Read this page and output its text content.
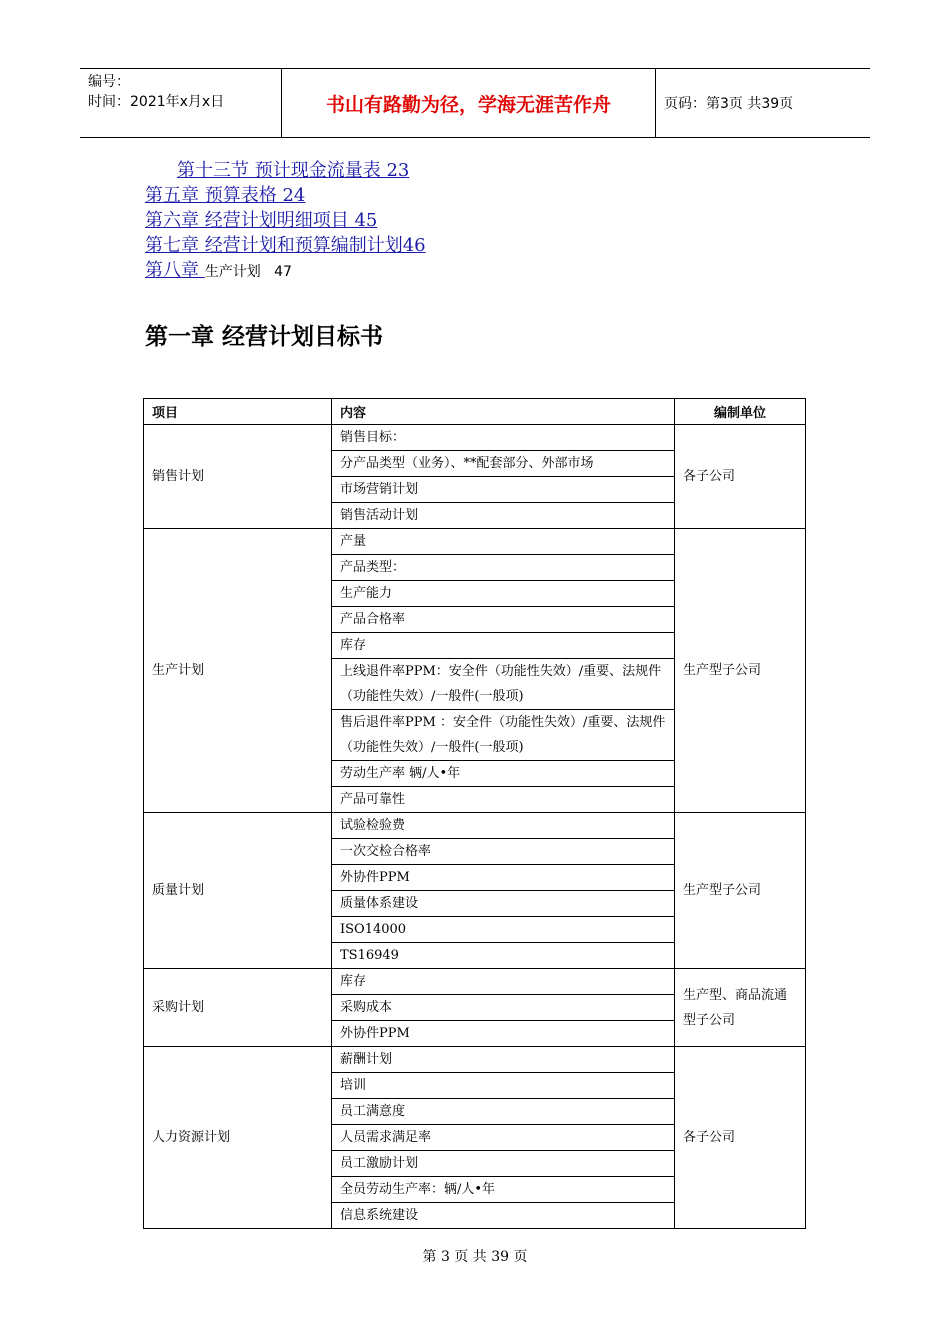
编号：
时间：2021年x月x日	书山有路勤为径，学海无涯苦作舟	页码：第3页 共39页
第十三节 预计现金流量表 23
第五章 预算表格 24
第六章 经营计划明细项目 45
第七章 经营计划和预算编制计划46
第八章 生产计划   47
第一章 经营计划目标书
项目	内容	编制单位
销售计划	销售目标：	各子公司
	分产品类型（业务）、**配套部分、外部市场	
	市场营销计划	
	销售活动计划	
生产计划	产量	生产型子公司
	产品类型：	
	生产能力	
	产品合格率	
	库存	
	上线退件率PPM：安全件（功能性失效）/重要、法规件（功能性失效）/一般件(一般项)	
	售后退件率PPM ：安全件（功能性失效）/重要、法规件（功能性失效）/一般件(一般项)	
	劳动生产率 辆/人•年	
	产品可靠性	
质量计划	试验检验费	生产型子公司
	一次交检合格率	
	外协件PPM	
	质量体系建设	
	ISO14000	
	TS16949	
采购计划	库存	生产型、商品流通型子公司
	采购成本	
	外协件PPM	
人力资源计划	薪酬计划	各子公司
	培训	
	员工满意度	
	人员需求满足率	
	员工激励计划	
	全员劳动生产率：辆/人•年	
	信息系统建设	
第 3 页 共 39 页
